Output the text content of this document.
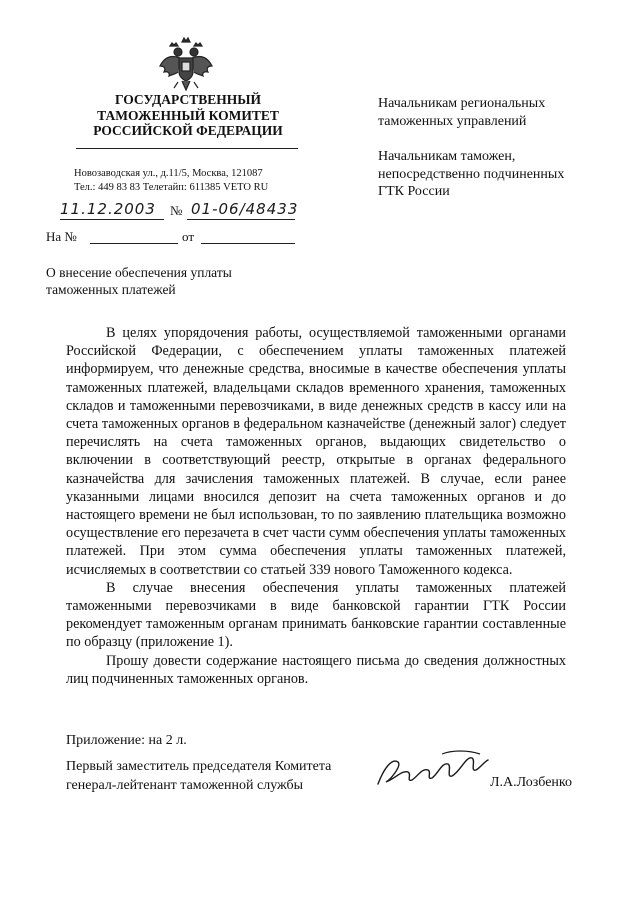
ГОСУДАРСТВЕННЫЙ
ТАМОЖЕННЫЙ КОМИТЕТ
РОССИЙСКОЙ ФЕДЕРАЦИИ
Новозаводская ул., д.11/5, Москва, 121087
Тел.: 449 83 83 Телетайп: 611385 VETO RU
11.12.2003 № 01-06/48433
На №	от
О внесение обеспечения уплаты
таможенных платежей
Начальникам региональных
таможенных управлений
Начальникам таможен,
непосредственно подчиненных
ГТК России

В целях упорядочения работы, осуществляемой таможенными органами Российской Федерации, с обеспечением уплаты таможенных платежей информируем, что денежные средства, вносимые в качестве обеспечения уплаты таможенных платежей, владельцами складов временного хранения, таможенных складов и таможенными перевозчиками, в виде денежных средств в кассу или на счета таможенных органов в федеральном казначействе (денежный залог) следует перечислять на счета таможенных органов, выдающих свидетельство о включении в соответствующий реестр, открытые в органах федерального казначейства для зачисления таможенных платежей. В случае, если ранее указанными лицами вносился депозит на счета таможенных органов и до настоящего времени не был использован, то по заявлению плательщика возможно осуществление его перезачета в счет части сумм обеспечения уплаты таможенных платежей. При этом сумма обеспечения уплаты таможенных платежей, исчисляемых в соответствии со статьей 339 нового Таможенного кодекса.

В случае внесения обеспечения уплаты таможенных платежей таможенными перевозчиками в виде банковской гарантии ГТК России рекомендует таможенным органам принимать банковские гарантии составленные по образцу (приложение 1).

Прошу довести содержание настоящего письма до сведения должностных лиц подчиненных таможенных органов.

Приложение: на 2 л.
Первый заместитель председателя Комитета
генерал-лейтенант таможенной службы	Л.А.Лозбенко
